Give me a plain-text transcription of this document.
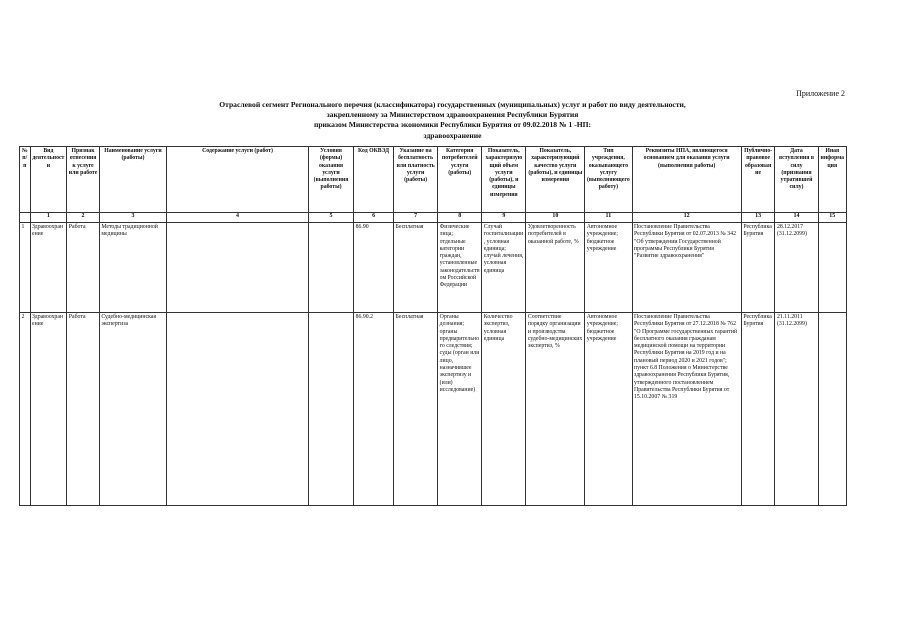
Приложение 2
Отраслевой сегмент Регионального перечня (классификатора) государственных (муниципальных) услуг и работ по виду деятельности,
закрепленному за Министерством здравоохранения Республики Бурятия
приказом Министерства экономики Республики Бурятия от 09.02.2018 № 1 -НП:
здравоохранение
№ п/п	Вид деятельности	Признак отнесения к услуге или работе	Наименование услуги (работы)	Содержание услуги (работ)	Условия (формы) оказания услуги (выполнения работы)	Код ОКВЭД	Указание на бесплатность или платность услуги (работы)	Категория потребителей услуги (работы)	Показатель, характеризующий объем услуги (работы), и единицы измерения	Показатель, характеризующий качество услуги (работы), и единицы измерения	Тип учреждения, оказывающего услугу (выполняющего работу)	Реквизиты НПА, являющегося основанием для оказания услуги (выполнения работы)	Публично-правовое образование	Дата вступления в силу (признания утратившей силу)	Иная информация
	1	2	3	4	5	6	7	8	9	10	11	12	13	14	15
1	Здравоохранение	Работа	Методы традиционной медицины			86.90	Бесплатная	Физические лица; отдельные категории граждан, установленные законодательством Российской Федерации	Случай госпитализации, условная единица; случай лечения, условная единица	Удовлетворенность потребителей в оказанной работе, %	Автономное учреждение; бюджетное учреждение	Постановление Правительства Республики Бурятия от 02.07.2013 № 342 "Об утверждении Государственной программы Республики Бурятия "Развитие здравоохранения"	Республика Бурятия	28.12.2017 (31.12.2099)	
2	Здравоохранение	Работа	Судебно-медицинская экспертиза			86.90.2	Бесплатная	Органы дознания; органы предварительного следствия; суды (орган или лицо, назначившее экспертизу и (или) исследование)	Количество экспертиз, условная единица	Соответствие порядку организации и производства судебно-медицинских экспертиз, %	Автономное учреждение; бюджетное учреждение	Постановление Правительства Республики Бурятия от 27.12.2018 № 762 "О Программе государственных гарантий бесплатного оказания гражданам медицинской помощи на территории Республики Бурятия на 2019 год и на плановый период 2020 и 2021 годов"; пункт 6.8 Положения о Министерстве здравоохранения Республики Бурятия, утвержденного постановлением Правительства Республики Бурятия от 15.10.2007 № 319	Республика Бурятия	21.11.2011 (31.12.2099)	
